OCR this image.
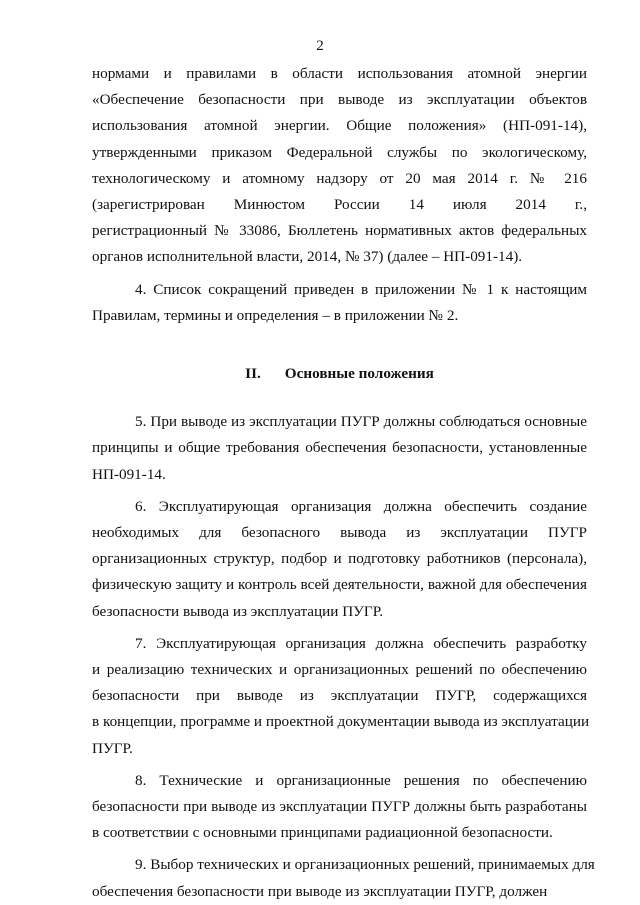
2
нормами и правилами в области использования атомной энергии
«Обеспечение безопасности при выводе из эксплуатации объектов
использования атомной энергии. Общие положения» (НП-091-14),
утвержденными приказом Федеральной службы по экологическому,
технологическому и атомному надзору от 20 мая 2014 г. № 216
(зарегистрирован Минюстом России 14 июля 2014 г.,
регистрационный № 33086, Бюллетень нормативных актов федеральных
органов исполнительной власти, 2014, № 37) (далее – НП-091-14).
4. Список сокращений приведен в приложении № 1 к настоящим
Правилам, термины и определения – в приложении № 2.
II. Основные положения
5. При выводе из эксплуатации ПУГР должны соблюдаться основные
принципы и общие требования обеспечения безопасности, установленные
НП-091-14.
6. Эксплуатирующая организация должна обеспечить создание
необходимых для безопасного вывода из эксплуатации ПУГР
организационных структур, подбор и подготовку работников (персонала),
физическую защиту и контроль всей деятельности, важной для обеспечения
безопасности вывода из эксплуатации ПУГР.
7. Эксплуатирующая организация должна обеспечить разработку
и реализацию технических и организационных решений по обеспечению
безопасности при выводе из эксплуатации ПУГР, содержащихся
в концепции, программе и проектной документации вывода из эксплуатации
ПУГР.
8. Технические и организационные решения по обеспечению
безопасности при выводе из эксплуатации ПУГР должны быть разработаны
в соответствии с основными принципами радиационной безопасности.
9. Выбор технических и организационных решений, принимаемых для
обеспечения безопасности при выводе из эксплуатации ПУГР, должен
